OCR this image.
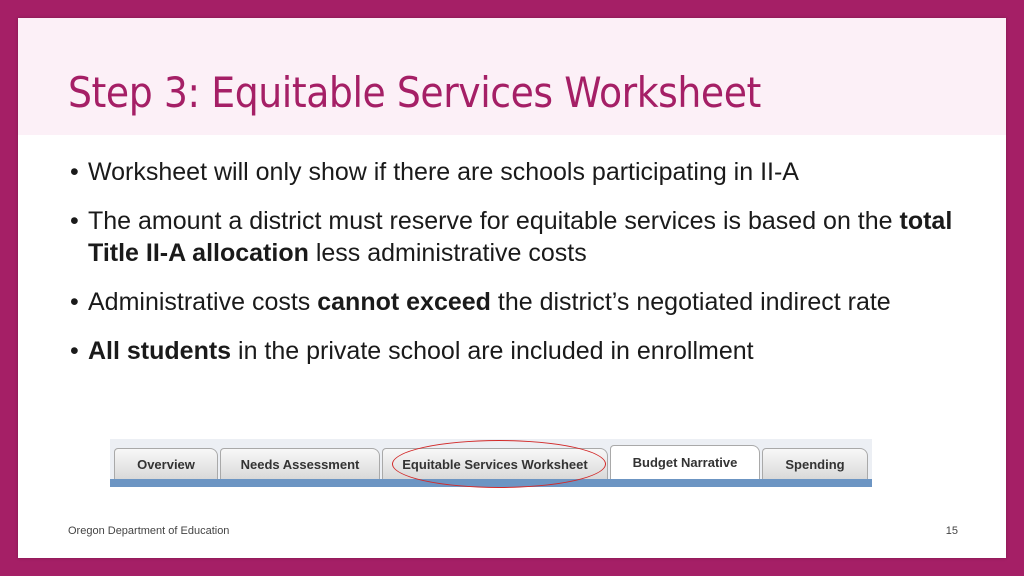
Step 3: Equitable Services Worksheet
• Worksheet will only show if there are schools participating in II-A
• The amount a district must reserve for equitable services is based on the total Title II-A allocation less administrative costs
• Administrative costs cannot exceed the district’s negotiated indirect rate
• All students in the private school are included in enrollment
Overview	Needs Assessment	Equitable Services Worksheet	Budget Narrative	Spending
Oregon Department of Education	15
